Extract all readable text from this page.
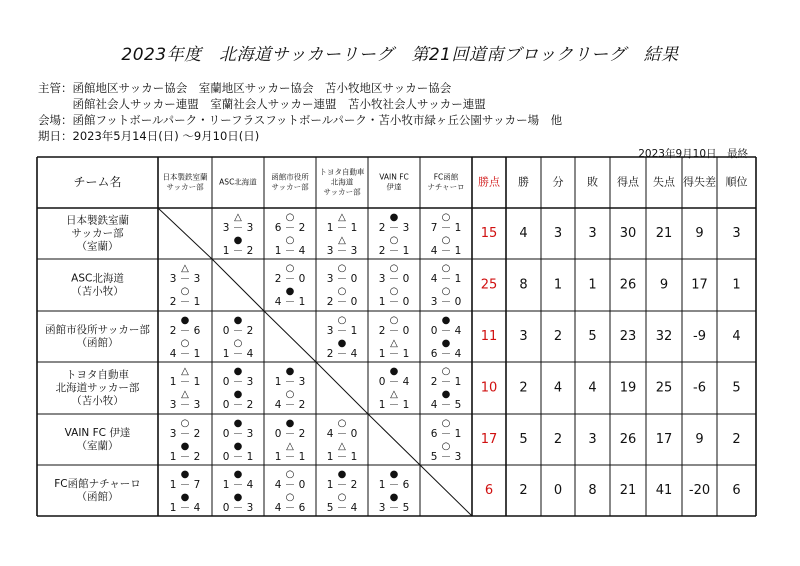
2023年度　北海道サッカーリーグ　第21回道南ブロックリーグ　結果
主管：函館地区サッカー協会　室蘭地区サッカー協会　苫小牧地区サッカー協会
　　　函館社会人サッカー連盟　室蘭社会人サッカー連盟　苫小牧社会人サッカー連盟
会場：函館フットボールパーク・リーフラスフットボールパーク・苫小牧市緑ヶ丘公園サッカー場　他
期日：2023年5月14日(日) ～9月10日(日)
2023年9月10日　最終
チーム名	日本製鉄室蘭
サッカー部
ASC北海道
函館市役所
サッカー部
トヨタ自動車
北海道
サッカー部
VAIN FC
伊達
FC函館
ナチャーロ 勝点 勝 分 敗 得点 失点 得失差 順位
日本製鉄室蘭
サッカー部
（室蘭）
△
3 － 3
●
1 － 2
○
6 － 2
○
1 － 4
△
1 － 1
△
3 － 3
●
2 － 3
○
2 － 1
○
7 － 1
○
4 － 1
15 4 3 3 30 21 9 3
ASC北海道
（苫小牧）
△
3 － 3
○
2 － 1
○
2 － 0
●
4 － 1
○
3 － 0
○
2 － 0
○
3 － 0
○
1 － 0
○
4 － 1
○
3 － 0
25 8 1 1 26 9 17 1
函館市役所サッカー部
（函館）
●
2 － 6
○
4 － 1
●
0 － 2
○
1 － 4
○
3 － 1
●
2 － 4
○
2 － 0
△
1 － 1
●
0 － 4
●
6 － 4
11 3 2 5 23 32 -9 4
トヨタ自動車
北海道サッカー部
（苫小牧）
△
1 － 1
△
3 － 3
●
0 － 3
●
0 － 2
●
1 － 3
○
4 － 2
●
0 － 4
△
1 － 1
○
2 － 1
●
4 － 5
10 2 4 4 19 25 -6 5
VAIN FC 伊達
（室蘭）
○
3 － 2
●
1 － 2
●
0 － 3
●
0 － 1
●
0 － 2
△
1 － 1
○
4 － 0
△
1 － 1
○
6 － 1
○
5 － 3
17 5 2 3 26 17 9 2
FC函館ナチャーロ
（函館）
●
1 － 7
●
1 － 4
●
1 － 4
●
0 － 3
○
4 － 0
○
4 － 6
●
1 － 2
○
5 － 4
●
1 － 6
●
3 － 5
6 2 0 8 21 41 -20 6
